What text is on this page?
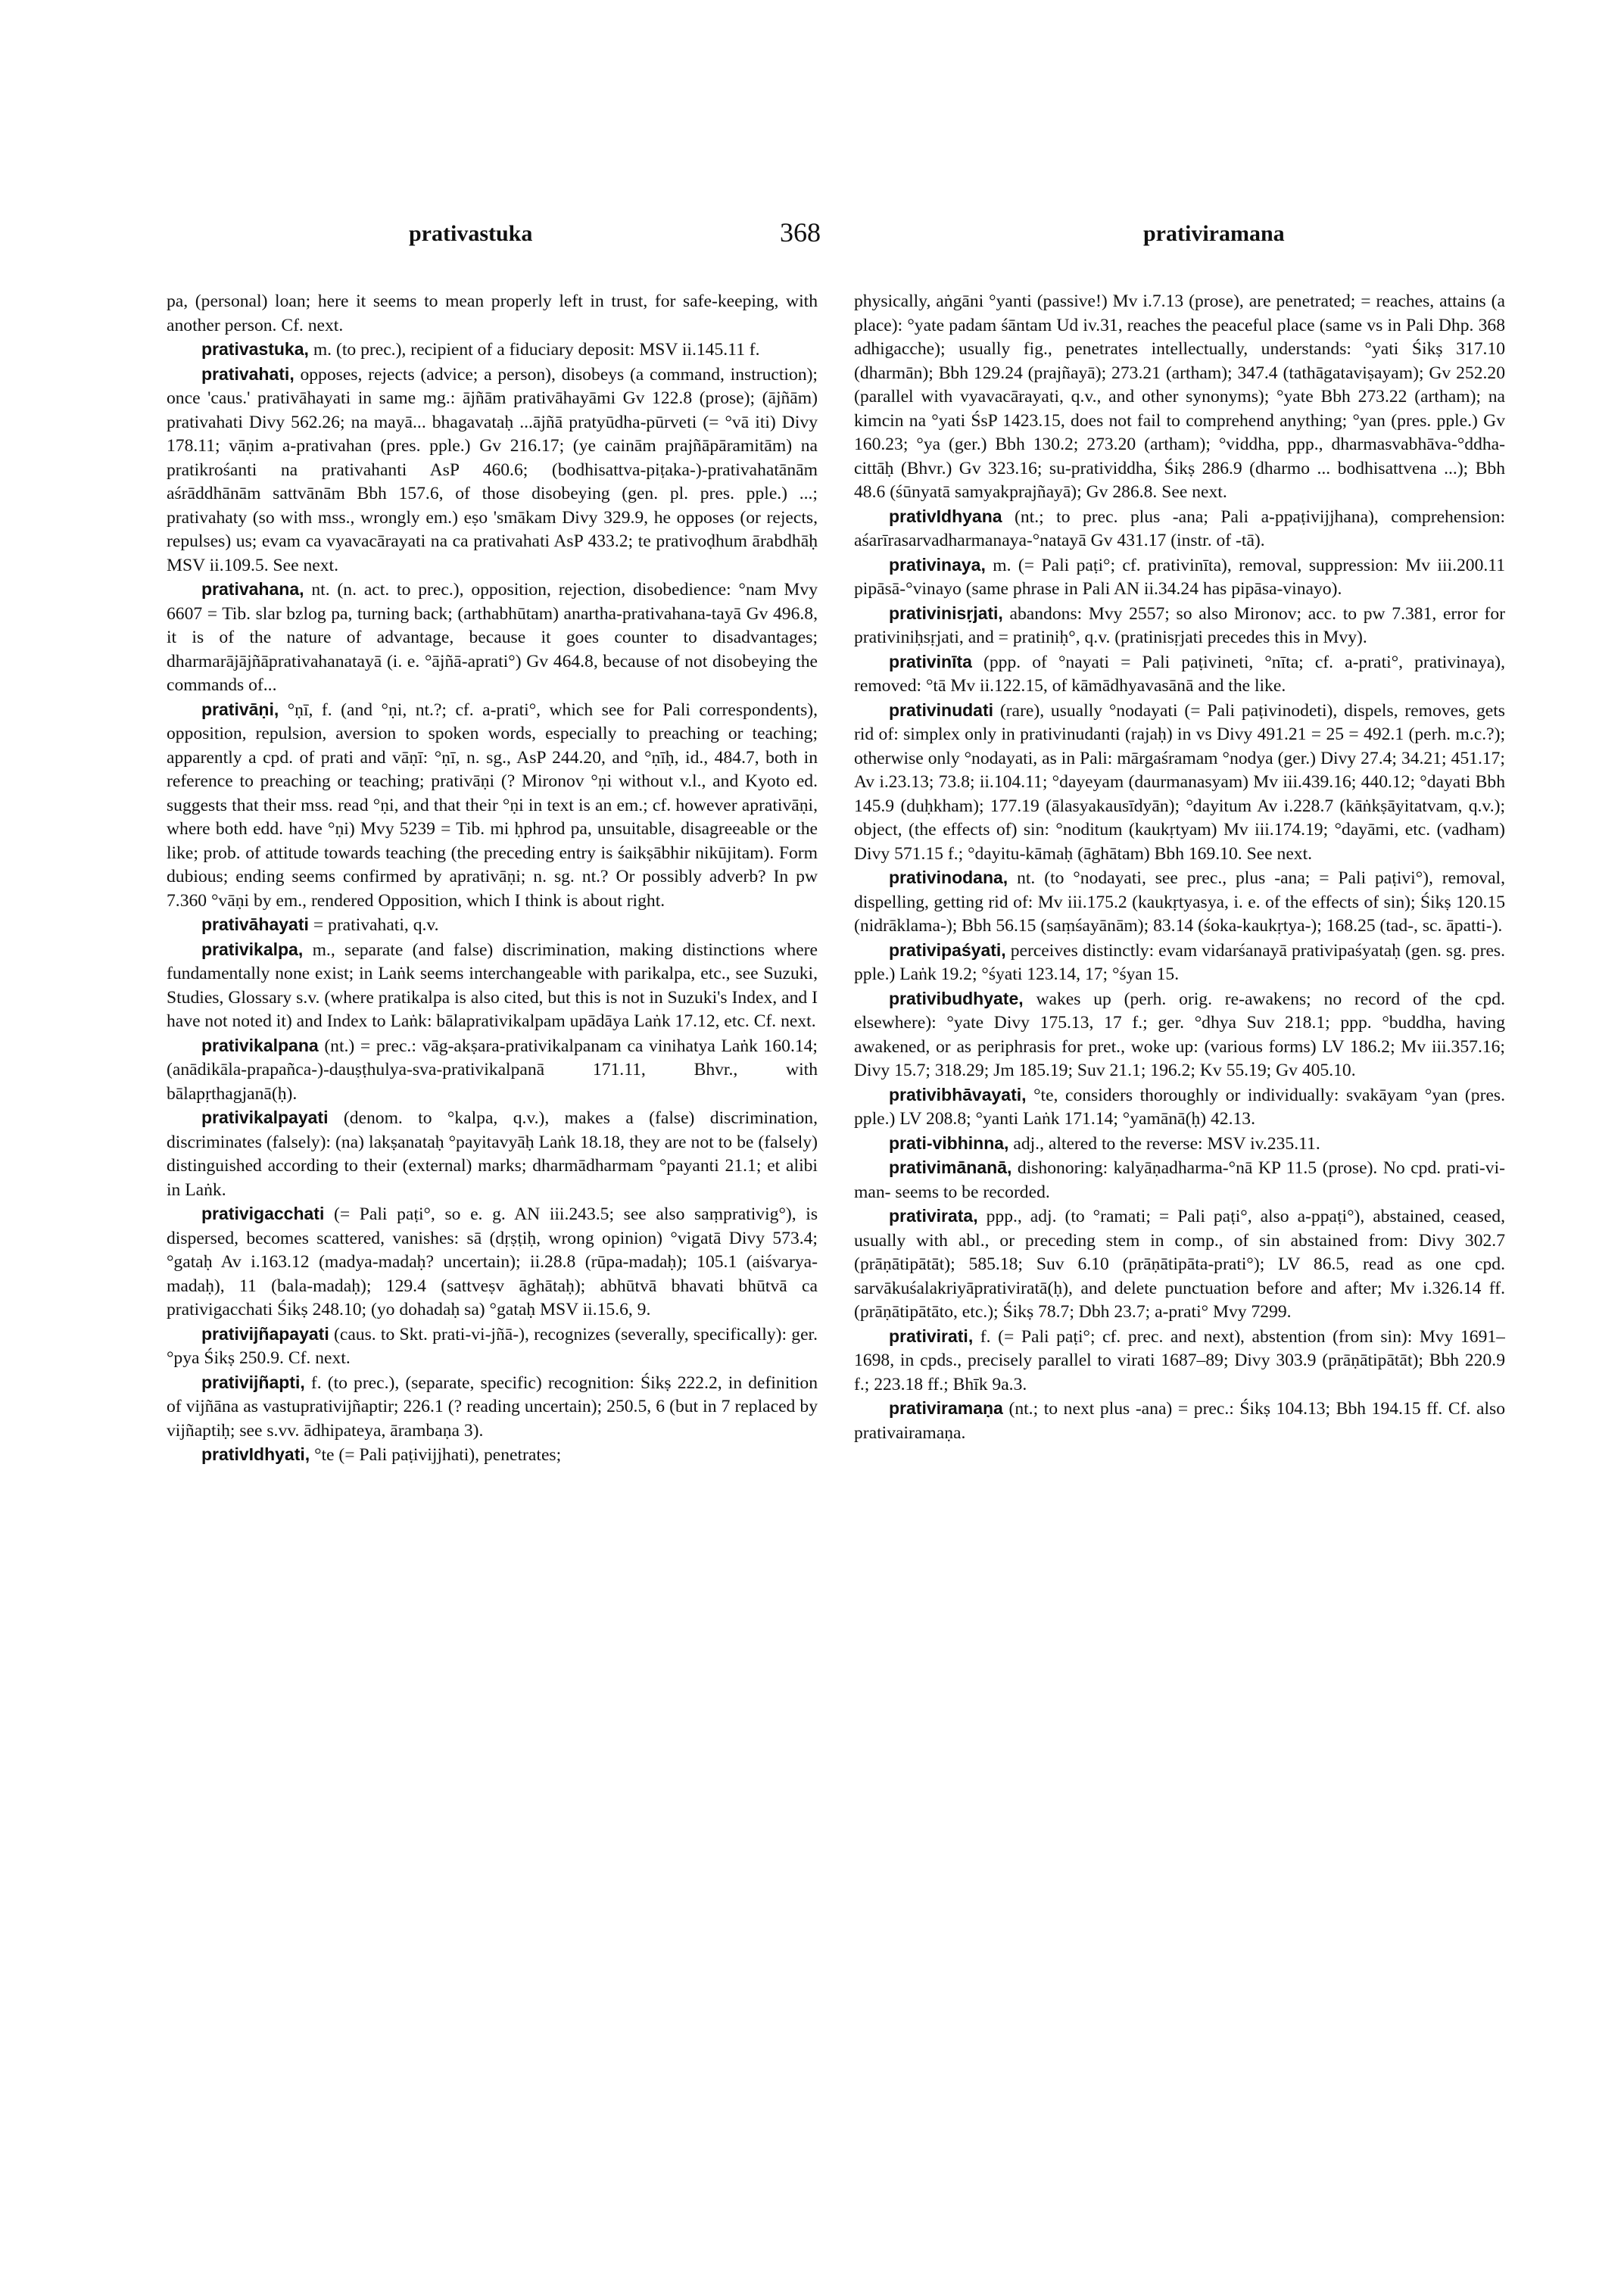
prativastuka	368	prativiramana

pa, (personal) loan; here it seems to mean properly left in trust, for safe-keeping, with another person. Cf. next.

prativastuka, m. (to prec.), recipient of a fiduciary deposit: MSV ii.145.11 f.

prativahati, opposes, rejects (advice; a person), disobeys (a command, instruction); once 'caus.' prativāhayati in same mg.: ājñām prativāhayāmi Gv 122.8 (prose); (ājñām) prativahati Divy 562.26; na mayā... bhagavataḥ ...ājñā pratyūdha-pūrveti (= °vā iti) Divy 178.11; vāṇim a-prativahan (pres. pple.) Gv 216.17; (ye cainām prajñāpāramitām) na pratikrośanti na prativahanti AsP 460.6; (bodhisattva-piṭaka-)-prativahatānām aśrāddhānām sattvānām Bbh 157.6, of those disobeying (gen. pl. pres. pple.) ...; prativahaty (so with mss., wrongly em.) eṣo 'smākam Divy 329.9, he opposes (or rejects, repulses) us; evam ca vyavacārayati na ca prativahati AsP 433.2; te prativoḍhum ārabdhāḥ MSV ii.109.5. See next.

prativahana, nt. (n. act. to prec.), opposition, rejection, disobedience: °nam Mvy 6607 = Tib. slar bzlog pa, turning back; (arthabhūtam) anartha-prativahana-tayā Gv 496.8, it is of the nature of advantage, because it goes counter to disadvantages; dharmarājājñāprativahanatayā (i. e. °ājñā-aprati°) Gv 464.8, because of not disobeying the commands of...

prativāṇi, °ṇī, f. (and °ṇi, nt.?; cf. a-prati°, which see for Pali correspondents), opposition, repulsion, aversion to spoken words, especially to preaching or teaching; apparently a cpd. of prati and vāṇī: °ṇī, n. sg., AsP 244.20, and °ṇīḥ, id., 484.7, both in reference to preaching or teaching; prativāṇi (? Mironov °ṇi without v.l., and Kyoto ed. suggests that their mss. read °ṇi, and that their °ṇi in text is an em.; cf. however aprativāṇi, where both edd. have °ṇi) Mvy 5239 = Tib. mi ḥphrod pa, unsuitable, disagreeable or the like; prob. of attitude towards teaching (the preceding entry is śaikṣābhir nikūjitam). Form dubious; ending seems confirmed by aprativāṇi; n. sg. nt.? Or possibly adverb? In pw 7.360 °vāṇi by em., rendered Opposition, which I think is about right.

prativāhayati = prativahati, q.v.

prativikalpa, m., separate (and false) discrimination, making distinctions where fundamentally none exist; in Laṅk seems interchangeable with parikalpa, etc., see Suzuki, Studies, Glossary s.v. (where pratikalpa is also cited, but this is not in Suzuki's Index, and I have not noted it) and Index to Laṅk: bālaprativikalpam upādāya Laṅk 17.12, etc. Cf. next.

prativikalpana (nt.) = prec.: vāg-akṣara-prativikalpanam ca vinihatya Laṅk 160.14; (anādikāla-prapañca-)-dauṣṭhulya-sva-prativikalpanā 171.11, Bhvr., with bālapṛthagjanā(ḥ).

prativikalpayati (denom. to °kalpa, q.v.), makes a (false) discrimination, discriminates (falsely): (na) lakṣanataḥ °payitavyāḥ Laṅk 18.18, they are not to be (falsely) distinguished according to their (external) marks; dharmādharmam °payanti 21.1; et alibi in Laṅk.

prativigacchati (= Pali paṭi°, so e. g. AN iii.243.5; see also saṃprativig°), is dispersed, becomes scattered, vanishes: sā (dṛṣṭiḥ, wrong opinion) °vigatā Divy 573.4; °gataḥ Av i.163.12 (madya-madaḥ? uncertain); ii.28.8 (rūpa-madaḥ); 105.1 (aiśvarya-madaḥ), 11 (bala-madaḥ); 129.4 (sattveṣv āghātaḥ); abhūtvā bhavati bhūtvā ca prativigacchati Śikṣ 248.10; (yo dohadaḥ sa) °gataḥ MSV ii.15.6, 9.

prativijñapayati (caus. to Skt. prati-vi-jñā-), recognizes (severally, specifically): ger. °pya Śikṣ 250.9. Cf. next.

prativijñapti, f. (to prec.), (separate, specific) recognition: Śikṣ 222.2, in definition of vijñāna as vastuprativijñaptir; 226.1 (? reading uncertain); 250.5, 6 (but in 7 replaced by vijñaptiḥ; see s.vv. ādhipateya, ārambaṇa 3).

prativIdhyati, °te (= Pali paṭivijjhati), penetrates;

physically, aṅgāni °yanti (passive!) Mv i.7.13 (prose), are penetrated; = reaches, attains (a place): °yate padam śāntam Ud iv.31, reaches the peaceful place (same vs in Pali Dhp. 368 adhigacche); usually fig., penetrates intellectually, understands: °yati Śikṣ 317.10 (dharmān); Bbh 129.24 (prajñayā); 273.21 (artham); 347.4 (tathāgataviṣayam); Gv 252.20 (parallel with vyavacārayati, q.v., and other synonyms); °yate Bbh 273.22 (artham); na kimcin na °yati ŚsP 1423.15, does not fail to comprehend anything; °yan (pres. pple.) Gv 160.23; °ya (ger.) Bbh 130.2; 273.20 (artham); °viddha, ppp., dharmasvabhāva-°ddha-cittāḥ (Bhvr.) Gv 323.16; su-pratividdha, Śikṣ 286.9 (dharmo ... bodhisattvena ...); Bbh 48.6 (śūnyatā samyakprajñayā); Gv 286.8. See next.

prativIdhyana (nt.; to prec. plus -ana; Pali a-ppaṭivijjhana), comprehension: aśarīrasarvadharmanaya-°natayā Gv 431.17 (instr. of -tā).

prativinaya, m. (= Pali paṭi°; cf. prativinīta), removal, suppression: Mv iii.200.11 pipāsā-°vinayo (same phrase in Pali AN ii.34.24 has pipāsa-vinayo).

prativinisṛjati, abandons: Mvy 2557; so also Mironov; acc. to pw 7.381, error for prativiniḥsṛjati, and = pratiniḥ°, q.v. (pratinisṛjati precedes this in Mvy).

prativinīta (ppp. of °nayati = Pali paṭivineti, °nīta; cf. a-prati°, prativinaya), removed: °tā Mv ii.122.15, of kāmādhyavasānā and the like.

prativinudati (rare), usually °nodayati (= Pali paṭivinodeti), dispels, removes, gets rid of: simplex only in prativinudanti (rajaḥ) in vs Divy 491.21 = 25 = 492.1 (perh. m.c.?); otherwise only °nodayati, as in Pali: mārgaśramam °nodya (ger.) Divy 27.4; 34.21; 451.17; Av i.23.13; 73.8; ii.104.11; °dayeyam (daurmanasyam) Mv iii.439.16; 440.12; °dayati Bbh 145.9 (duḥkham); 177.19 (ālasyakausīdyān); °dayitum Av i.228.7 (kāṅkṣāyitatvam, q.v.); object, (the effects of) sin: °noditum (kaukṛtyam) Mv iii.174.19; °dayāmi, etc. (vadham) Divy 571.15 f.; °dayitu-kāmaḥ (āghātam) Bbh 169.10. See next.

prativinodana, nt. (to °nodayati, see prec., plus -ana; = Pali paṭivi°), removal, dispelling, getting rid of: Mv iii.175.2 (kaukṛtyasya, i. e. of the effects of sin); Śikṣ 120.15 (nidrāklama-); Bbh 56.15 (saṃśayānām); 83.14 (śoka-kaukṛtya-); 168.25 (tad-, sc. āpatti-).

prativipaśyati, perceives distinctly: evam vidarśanayā prativipaśyataḥ (gen. sg. pres. pple.) Laṅk 19.2; °śyati 123.14, 17; °śyan 15.

prativibudhyate, wakes up (perh. orig. re-awakens; no record of the cpd. elsewhere): °yate Divy 175.13, 17 f.; ger. °dhya Suv 218.1; ppp. °buddha, having awakened, or as periphrasis for pret., woke up: (various forms) LV 186.2; Mv iii.357.16; Divy 15.7; 318.29; Jm 185.19; Suv 21.1; 196.2; Kv 55.19; Gv 405.10.

prativibhāvayati, °te, considers thoroughly or individually: svakāyam °yan (pres. pple.) LV 208.8; °yanti Laṅk 171.14; °yamānā(ḥ) 42.13.

prati-vibhinna, adj., altered to the reverse: MSV iv.235.11.

prativimānanā, dishonoring: kalyāṇadharma-°nā KP 11.5 (prose). No cpd. prati-vi-man- seems to be recorded.

prativirata, ppp., adj. (to °ramati; = Pali paṭi°, also a-ppaṭi°), abstained, ceased, usually with abl., or preceding stem in comp., of sin abstained from: Divy 302.7 (prāṇātipātāt); 585.18; Suv 6.10 (prāṇātipāta-prati°); LV 86.5, read as one cpd. sarvākuśalakriyāprativiratā(ḥ), and delete punctuation before and after; Mv i.326.14 ff. (prāṇātipātāto, etc.); Śikṣ 78.7; Dbh 23.7; a-prati° Mvy 7299.

prativirati, f. (= Pali paṭi°; cf. prec. and next), abstention (from sin): Mvy 1691–1698, in cpds., precisely parallel to virati 1687–89; Divy 303.9 (prāṇātipātāt); Bbh 220.9 f.; 223.18 ff.; Bhīk 9a.3.

prativiramaṇa (nt.; to next plus -ana) = prec.: Śikṣ 104.13; Bbh 194.15 ff. Cf. also prativairamaṇa.
